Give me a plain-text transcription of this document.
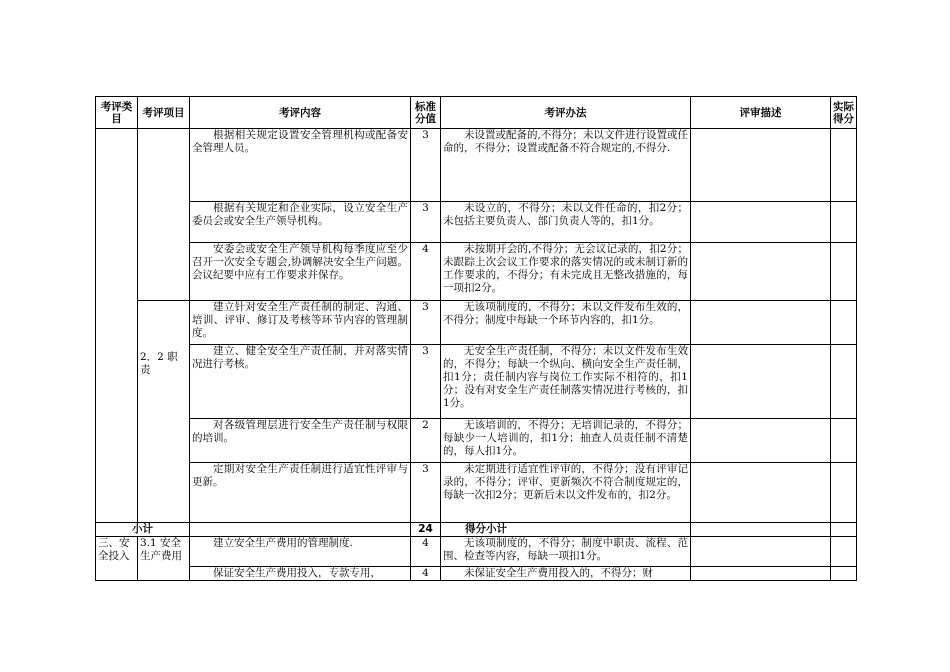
考评类目	考评项目	考评内容	标准分值	考评办法	评审描述	实际得分
		根据相关规定设置安全管理机构或配备安全管理人员。	3	未设置或配备的,不得分；未以文件进行设置或任命的，不得分；设置或配备不符合规定的,不得分.		
		根据有关规定和企业实际，设立安全生产委员会或安全生产领导机构。	3	未设立的，不得分；未以文件任命的，扣2分；未包括主要负责人、部门负责人等的，扣1分。		
		安委会或安全生产领导机构每季度应至少召开一次安全专题会,协调解决安全生产问题。会议纪要中应有工作要求并保存。	4	未按期开会的,不得分；无会议记录的，扣2分；未跟踪上次会议工作要求的落实情况的或未制订新的工作要求的，不得分；有未完成且无整改措施的，每一项扣2分。		
	2．2 职责	建立针对安全生产责任制的制定、沟通、培训、评审、修订及考核等环节内容的管理制度。	3	无该项制度的，不得分；未以文件发布生效的，不得分；制度中每缺一个环节内容的，扣1分。		
		建立、健全安全生产责任制，并对落实情况进行考核。	3	无安全生产责任制，不得分；未以文件发布生效的，不得分；每缺一个纵向、横向安全生产责任制，扣1分；责任制内容与岗位工作实际不相符的，扣1分；没有对安全生产责任制落实情况进行考核的，扣1分。		
		对各级管理层进行安全生产责任制与权限的培训。	2	无该培训的，不得分；无培训记录的，不得分；每缺少一人培训的，扣1分；抽查人员责任制不清楚的，每人扣1分。		
		定期对安全生产责任制进行适宜性评审与更新。	3	未定期进行适宜性评审的，不得分；没有评审记录的，不得分；评审、更新频次不符合制度规定的，每缺一次扣2分；更新后未以文件发布的，扣2分。		
小计			24	得分小计		
三、安全投入	3.1 安全生产费用	建立安全生产费用的管理制度.	4	无该项制度的，不得分；制度中职责、流程、范围、检查等内容，每缺一项扣1分。		
		保证安全生产费用投入，专款专用，	4	未保证安全生产费用投入的，不得分；财		
